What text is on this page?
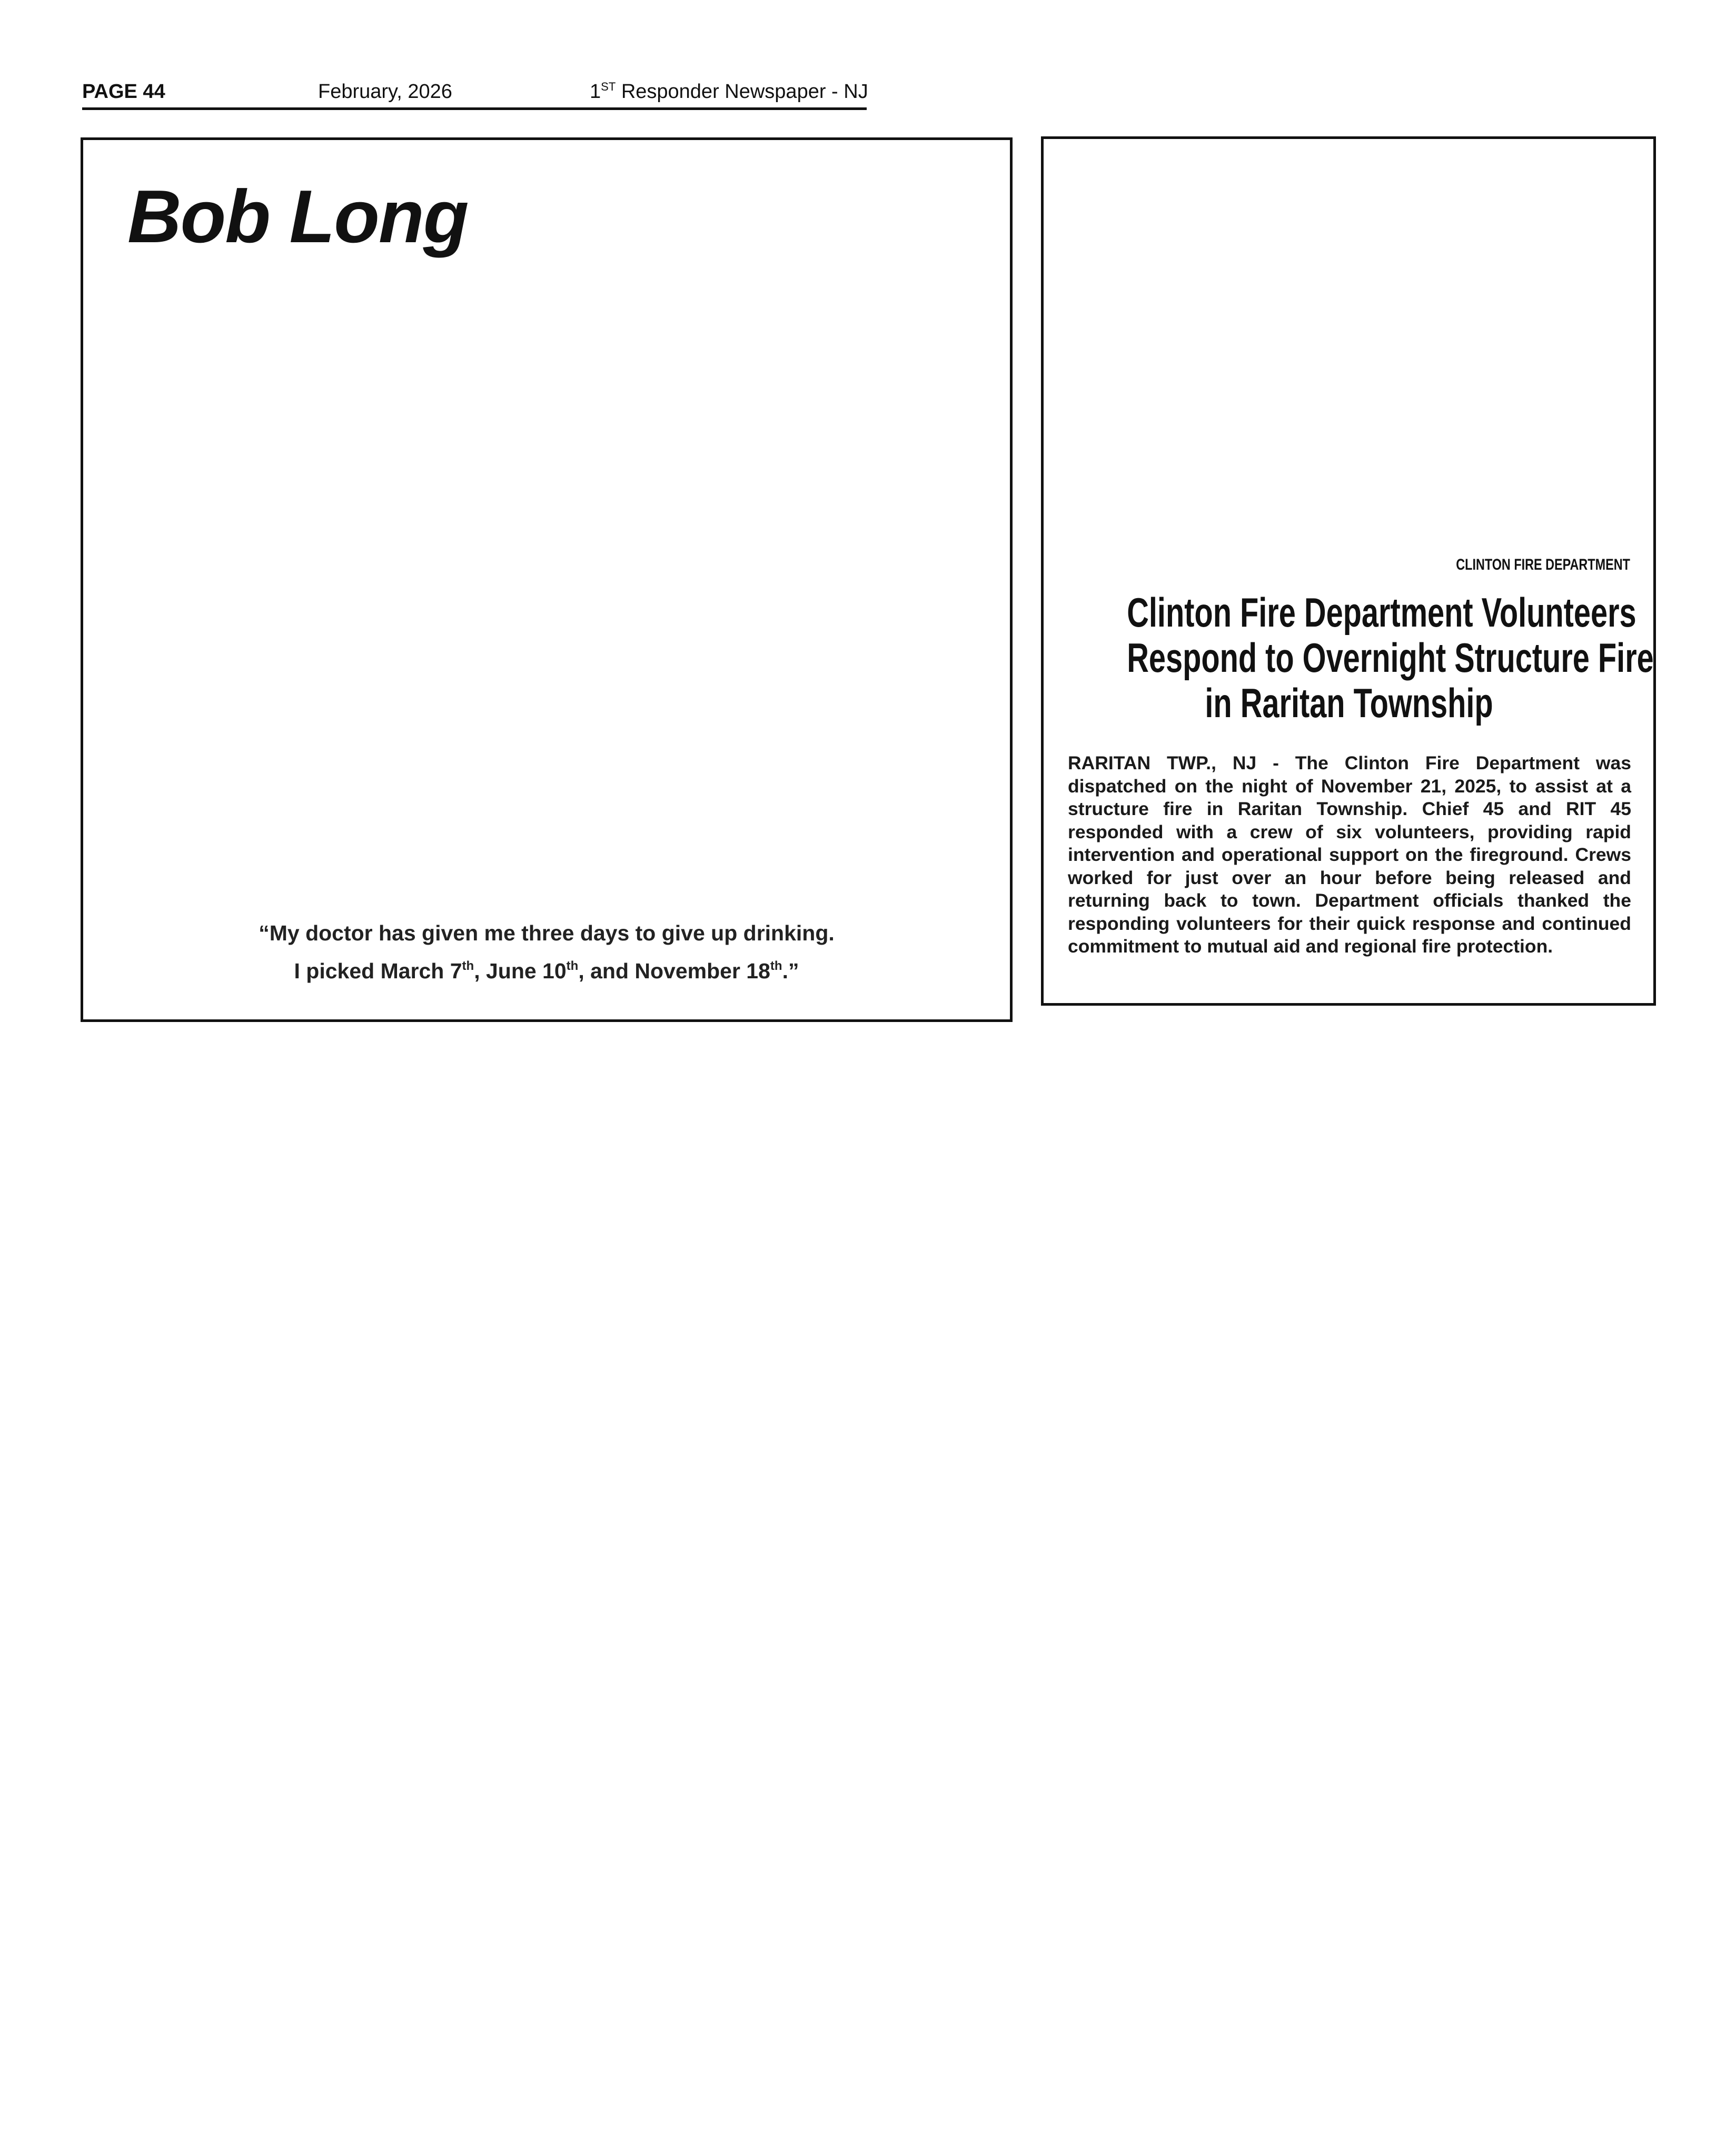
PAGE 44	February, 2026	1ST Responder Newspaper - NJ
Bob Long
“My doctor has given me three days to give up drinking.
I picked March 7th, June 10th, and November 18th.”
CLINTON FIRE DEPARTMENT
Clinton Fire Department Volunteers
Respond to Overnight Structure Fire
in Raritan Township
RARITAN TWP., NJ - The Clinton Fire Department was dispatched on the night of November 21, 2025, to assist at a structure fire in Raritan Township. Chief 45 and RIT 45 responded with a crew of six volunteers, providing rapid intervention and operational support on the fireground. Crews worked for just over an hour before being released and returning back to town. Department officials thanked the responding volunteers for their quick response and continued commitment to mutual aid and regional fire protection.
